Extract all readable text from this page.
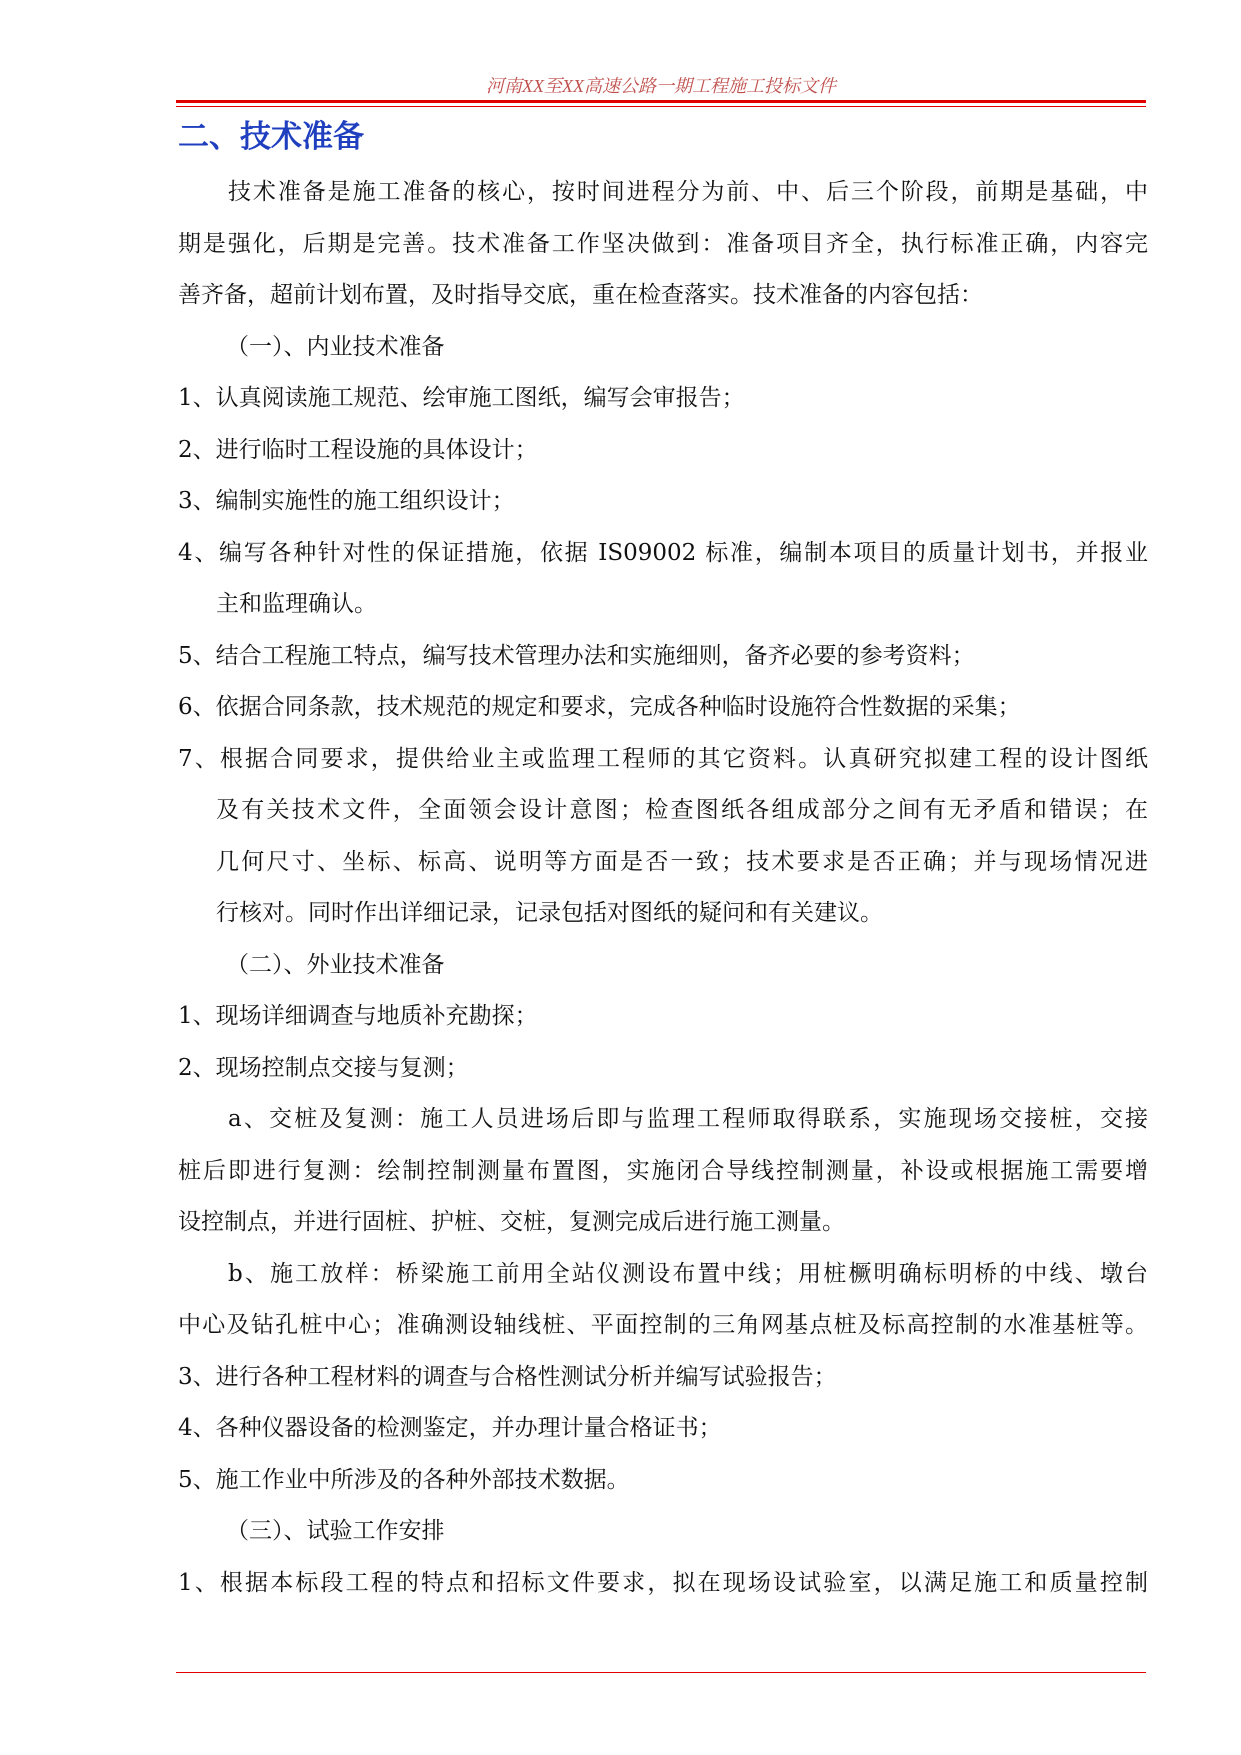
河南XX至XX高速公路一期工程施工投标文件
二、技术准备
技术准备是施工准备的核心，按时间进程分为前、中、后三个阶段，前期是基础，中
期是强化，后期是完善。技术准备工作坚决做到：准备项目齐全，执行标准正确，内容完
善齐备，超前计划布置，及时指导交底，重在检查落实。技术准备的内容包括：
（一）、内业技术准备
1、认真阅读施工规范、绘审施工图纸，编写会审报告；
2、进行临时工程设施的具体设计；
3、编制实施性的施工组织设计；
4、编写各种针对性的保证措施，依据 IS09002 标准，编制本项目的质量计划书，并报业
主和监理确认。
5、结合工程施工特点，编写技术管理办法和实施细则，备齐必要的参考资料；
6、依据合同条款，技术规范的规定和要求，完成各种临时设施符合性数据的采集；
7、根据合同要求，提供给业主或监理工程师的其它资料。认真研究拟建工程的设计图纸
及有关技术文件，全面领会设计意图；检查图纸各组成部分之间有无矛盾和错误；在
几何尺寸、坐标、标高、说明等方面是否一致；技术要求是否正确；并与现场情况进
行核对。同时作出详细记录，记录包括对图纸的疑问和有关建议。
（二）、外业技术准备
1、现场详细调查与地质补充勘探；
2、现场控制点交接与复测；
a、交桩及复测：施工人员进场后即与监理工程师取得联系，实施现场交接桩，交接
桩后即进行复测：绘制控制测量布置图，实施闭合导线控制测量，补设或根据施工需要增
设控制点，并进行固桩、护桩、交桩，复测完成后进行施工测量。
b、施工放样：桥梁施工前用全站仪测设布置中线；用桩橛明确标明桥的中线、墩台
中心及钻孔桩中心；准确测设轴线桩、平面控制的三角网基点桩及标高控制的水准基桩等。
3、进行各种工程材料的调查与合格性测试分析并编写试验报告；
4、各种仪器设备的检测鉴定，并办理计量合格证书；
5、施工作业中所涉及的各种外部技术数据。
（三）、试验工作安排
1、根据本标段工程的特点和招标文件要求，拟在现场设试验室，以满足施工和质量控制
